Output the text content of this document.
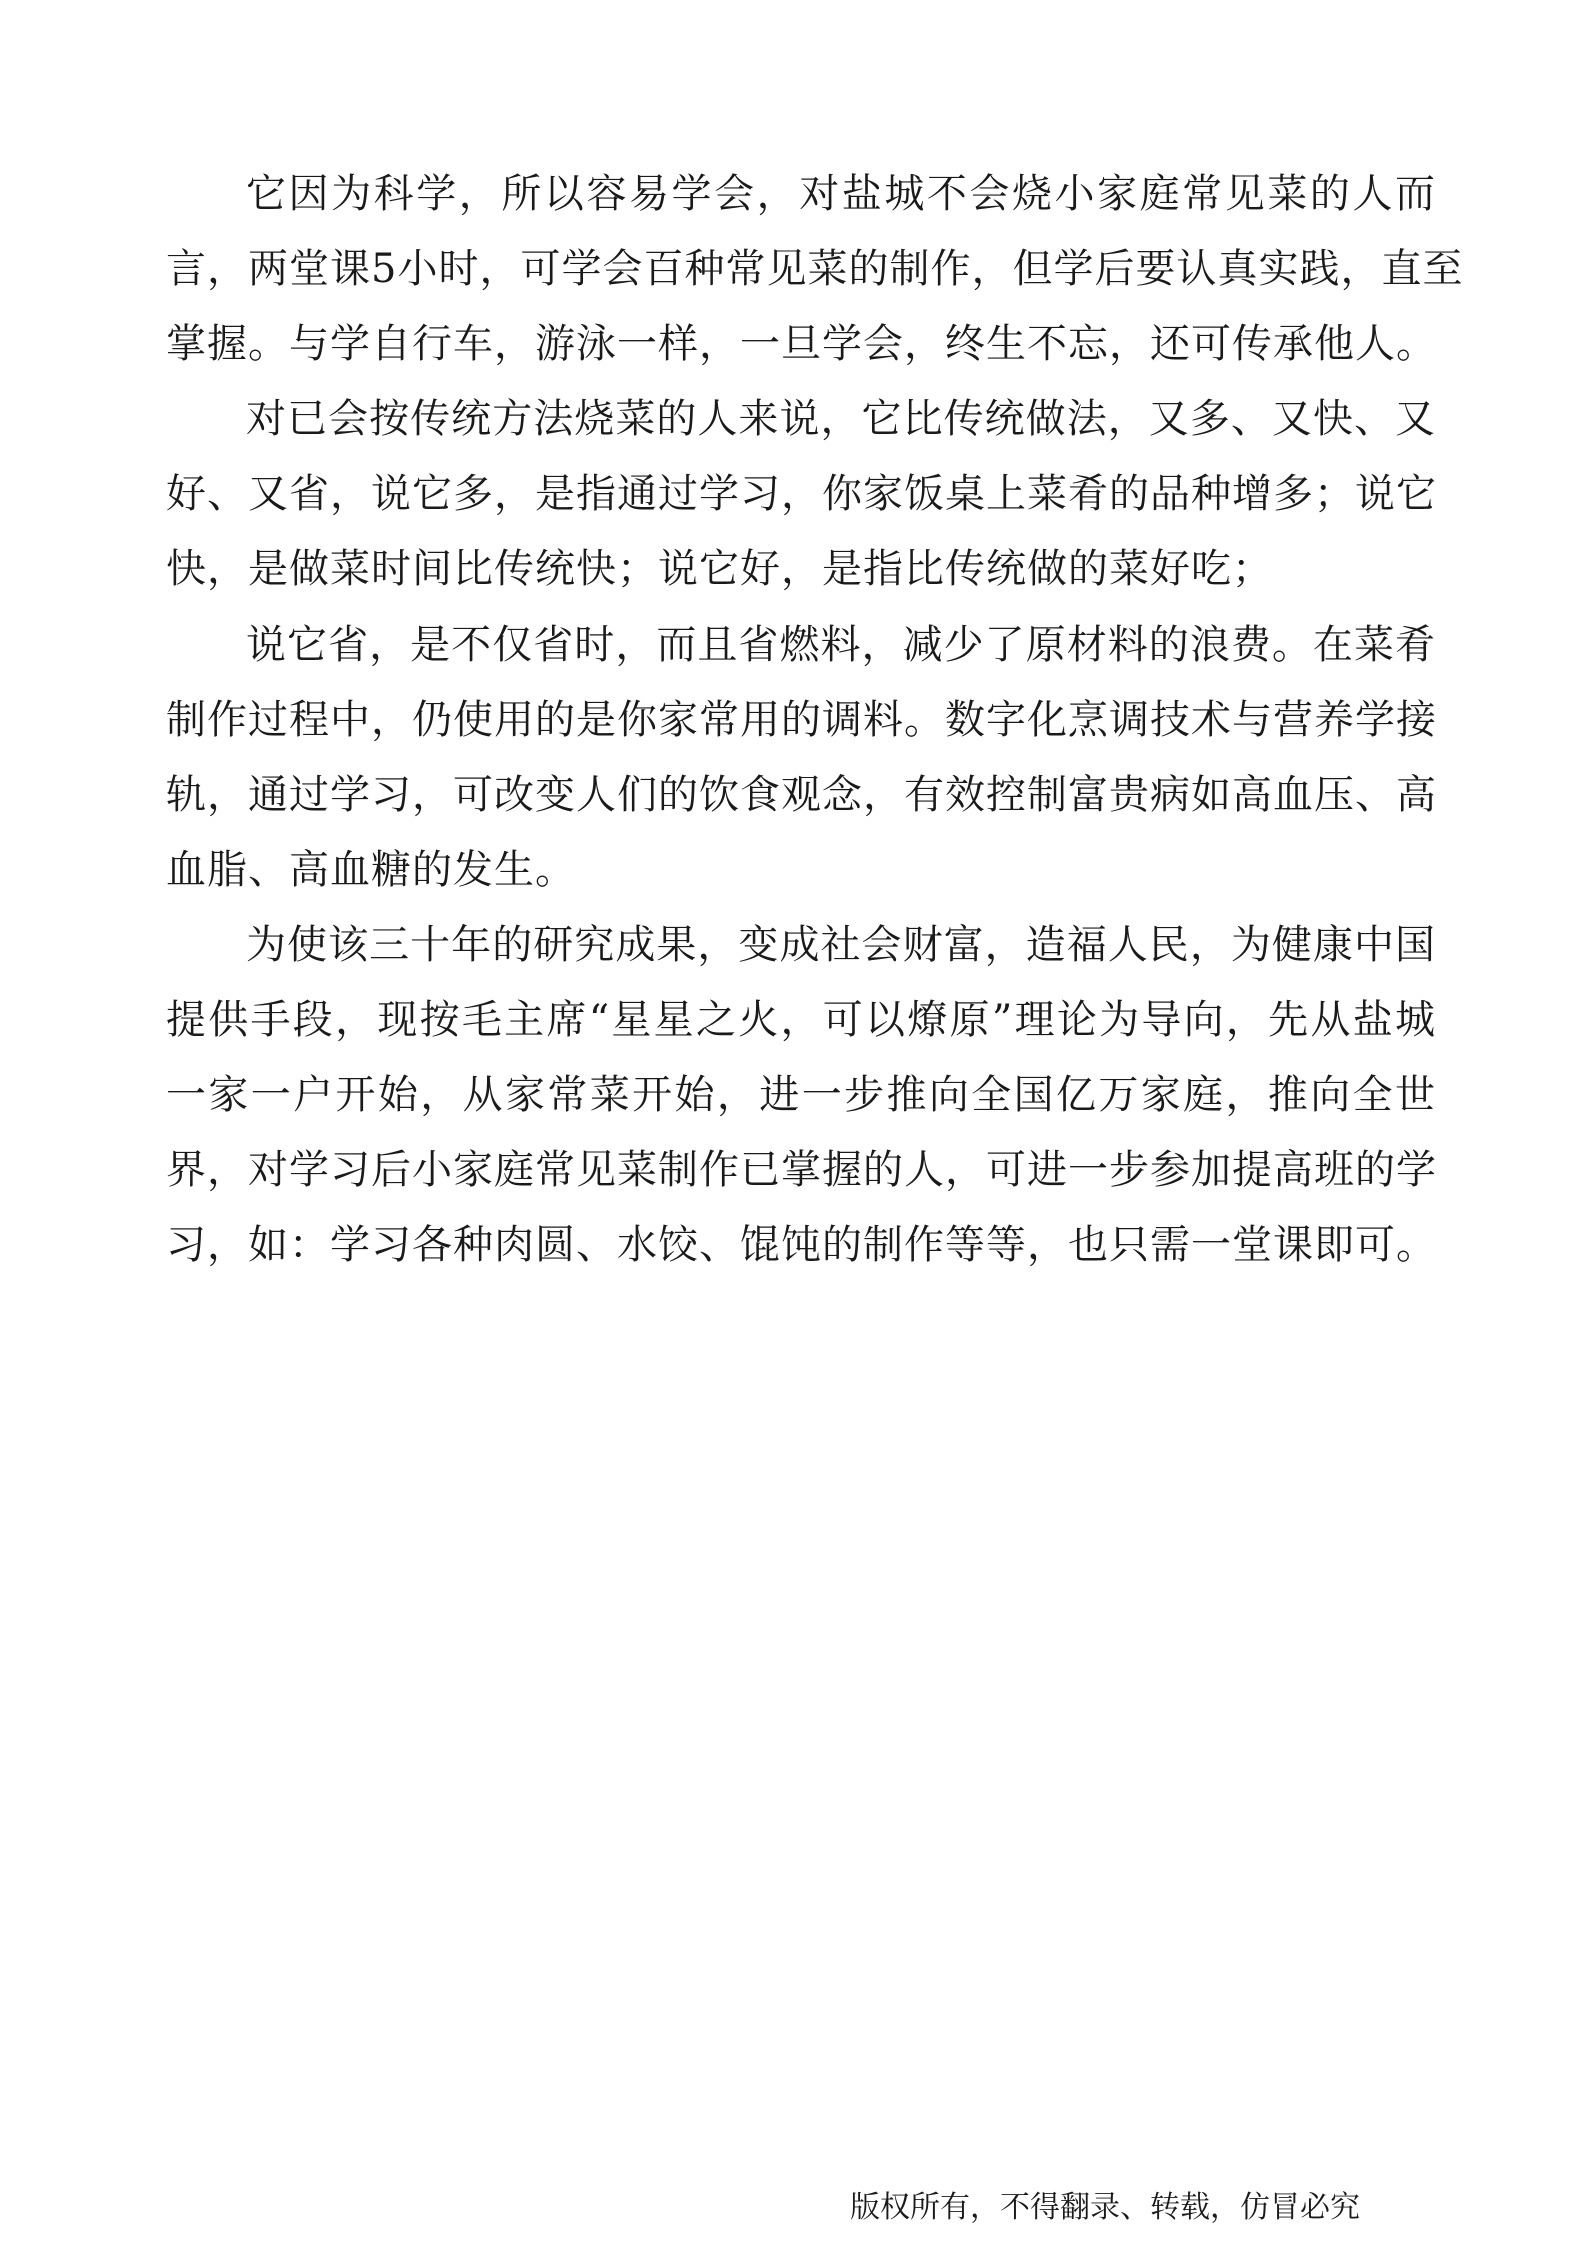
它因为科学，所以容易学会，对盐城不会烧小家庭常见菜的人而
言，两堂课5小时，可学会百种常见菜的制作，但学后要认真实践，直至
掌握。与学自行车，游泳一样，一旦学会，终生不忘，还可传承他人。
对已会按传统方法烧菜的人来说，它比传统做法，又多、又快、又
好、又省，说它多，是指通过学习，你家饭桌上菜肴的品种增多；说它
快，是做菜时间比传统快；说它好，是指比传统做的菜好吃；
说它省，是不仅省时，而且省燃料，减少了原材料的浪费。在菜肴
制作过程中，仍使用的是你家常用的调料。数字化烹调技术与营养学接
轨，通过学习，可改变人们的饮食观念，有效控制富贵病如高血压、高
血脂、高血糖的发生。
为使该三十年的研究成果，变成社会财富，造福人民，为健康中国
提供手段，现按毛主席“星星之火，可以燎原”理论为导向，先从盐城
一家一户开始，从家常菜开始，进一步推向全国亿万家庭，推向全世
界，对学习后小家庭常见菜制作已掌握的人，可进一步参加提高班的学
习，如：学习各种肉圆、水饺、馄饨的制作等等，也只需一堂课即可。
版权所有，不得翻录、转载，仿冒必究
